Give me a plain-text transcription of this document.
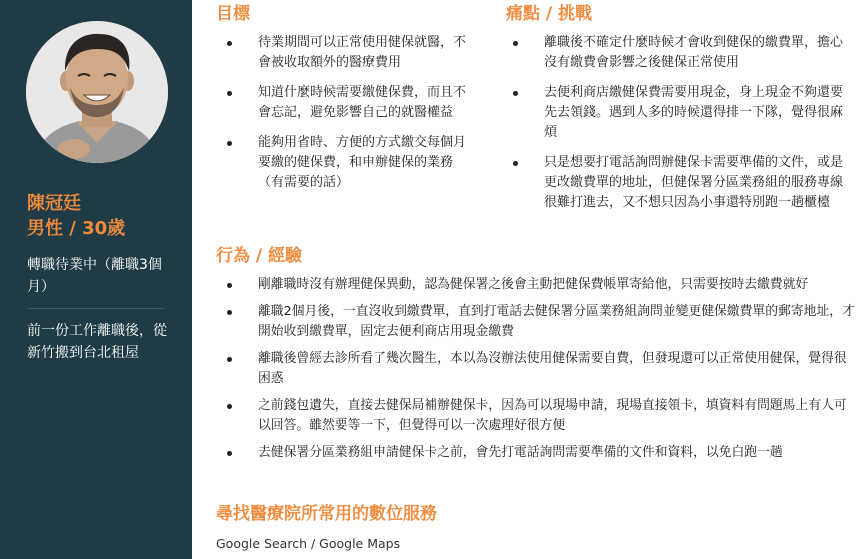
陳冠廷
男性 / 30歲
轉職待業中（離職3個月）
前一份工作離職後，從新竹搬到台北租屋
目標
待業期間可以正常使用健保就醫，不會被收取額外的醫療費用
知道什麼時候需要繳健保費，而且不會忘記，避免影響自己的就醫權益
能夠用省時、方便的方式繳交每個月要繳的健保費，和申辦健保的業務（有需要的話）
痛點 / 挑戰
離職後不確定什麼時候才會收到健保的繳費單，擔心沒有繳費會影響之後健保正常使用
去便利商店繳健保費需要用現金，身上現金不夠還要先去領錢。遇到人多的時候還得排一下隊，覺得很麻煩
只是想要打電話詢問辦健保卡需要準備的文件，或是更改繳費單的地址，但健保署分區業務組的服務專線很難打進去，又不想只因為小事還特別跑一趟櫃檯
行為 / 經驗
剛離職時沒有辦理健保異動，認為健保署之後會主動把健保費帳單寄給他，只需要按時去繳費就好
離職2個月後，一直沒收到繳費單，直到打電話去健保署分區業務組詢問並變更健保繳費單的郵寄地址，才開始收到繳費單，固定去便利商店用現金繳費
離職後曾經去診所看了幾次醫生，本以為沒辦法使用健保需要自費，但發現還可以正常使用健保，覺得很困惑
之前錢包遺失，直接去健保局補辦健保卡，因為可以現場申請，現場直接領卡，填資料有問題馬上有人可以回答。雖然要等一下，但覺得可以一次處理好很方便
去健保署分區業務組申請健保卡之前，會先打電話詢問需要準備的文件和資料，以免白跑一趟
尋找醫療院所常用的數位服務
Google Search / Google Maps
